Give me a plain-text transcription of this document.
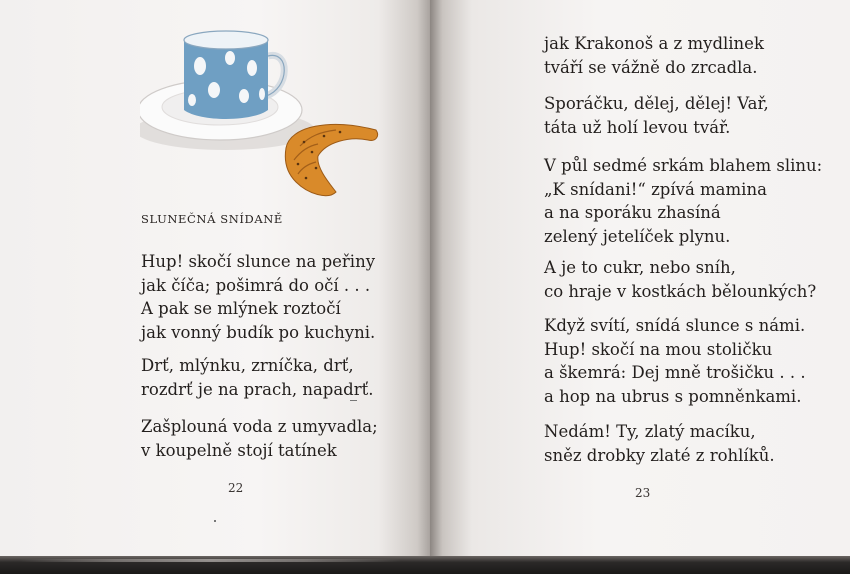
SLUNEČNÁ SNÍDANĚ
Hup! skočí slunce na peřiny
jak číča; pošimrá do očí . . .
A pak se mlýnek roztočí
jak vonný budík po kuchyni.
Drť, mlýnku, zrníčka, drť,
rozdrť je na prach, napadrť.
Zašplouná voda z umyvadla;
v koupelně stojí tatínek
22
jak Krakonoš a z mydlinek
tváří se vážně do zrcadla.
Sporáčku, dělej, dělej! Vař,
táta už holí levou tvář.
V půl sedmé srkám blahem slinu:
„K snídani!“ zpívá mamina
a na sporáku zhasíná
zelený jetelíček plynu.
A je to cukr, nebo sníh,
co hraje v kostkách bělounkých?
Když svítí, snídá slunce s námi.
Hup! skočí na mou stoličku
a škemrá: Dej mně trošičku . . .
a hop na ubrus s pomněnkami.
Nedám! Ty, zlatý macíku,
sněz drobky zlaté z rohlíků.
23
